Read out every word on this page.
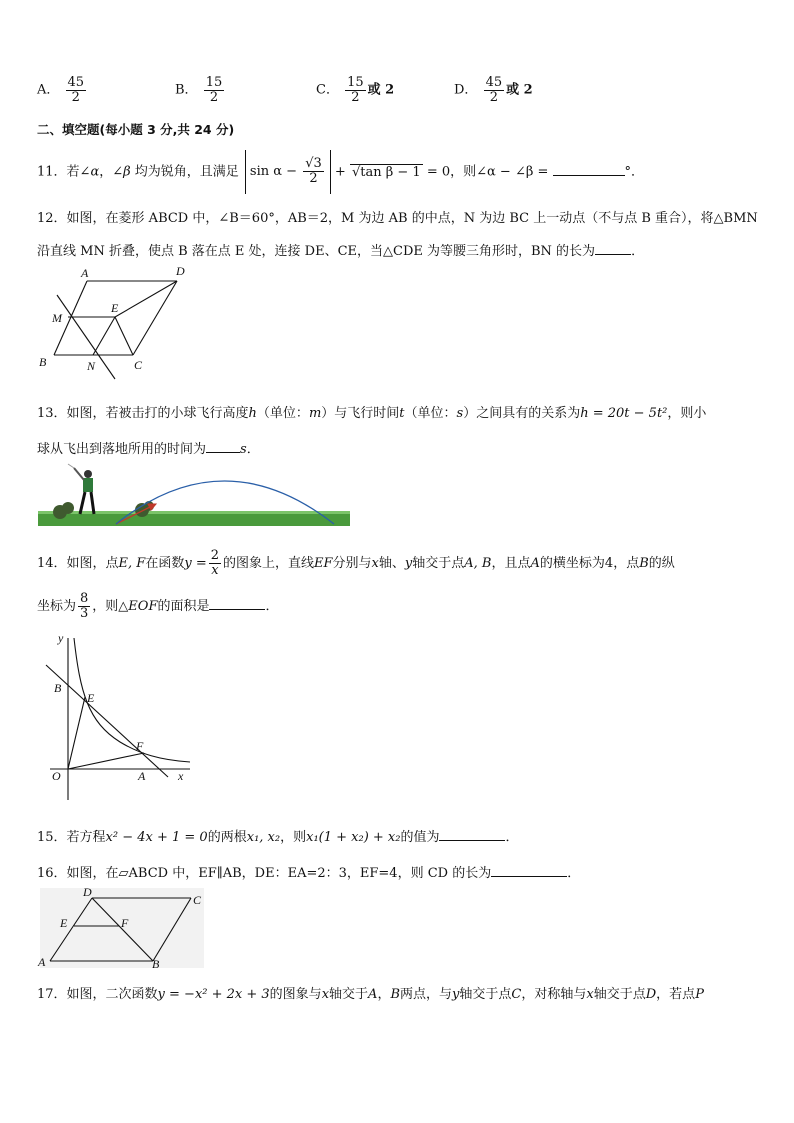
A． $\frac{45}{2}$	B． $\frac{15}{2}$	C． $\frac{15}{2}$ 或 2	D． $\frac{45}{2}$ 或 2
二、填空题(每小题 3 分,共 24 分)
11．若∠α，∠β 均为锐角，且满足 $\sin \alpha - \frac{√3}{2} + √\tan$ β − 1 = 0，则∠α − ∠β =	°．
12．如图，在菱形 ABCD 中，∠B＝60°，AB＝2，M 为边 AB 的中点，N 为边 BC 上一动点（不与点 B 重合），将△BMN
沿直线 MN 折叠，使点 B 落在点 E 处，连接 DE、CE，当△CDE 为等腰三角形时，BN 的长为	．
A	D
M
E
B	N	C
13．如图，若被击打的小球飞行高度h（单位：m）与飞行时间t（单位：s）之间具有的关系为h = 20t − 5t²，则小
球从飞出到落地所用的时间为	s．
14．如图，点E, F在函数$y = \frac{2}{x}$ 的图象上，直线EF分别与x轴、y轴交于点A, B，且点A的横坐标为4，点B的纵
坐标为 $\frac{8}{3}$ ，则△EOF的面积是	．
y
B
E
F
O	A	x
15．若方程x² − 4x + 1 = 0的两根x₁, x₂，则x₁(1 + x₂) + x₂的值为	．
16．如图，在▱ABCD 中，EF∥AB，DE：EA=2：3，EF=4，则 CD 的长为	．
D
C
E	F
A	B
17．如图，二次函数y = −x² + 2x + 3的图象与x轴交于A，B两点，与y轴交于点C，对称轴与x轴交于点D，若点P
